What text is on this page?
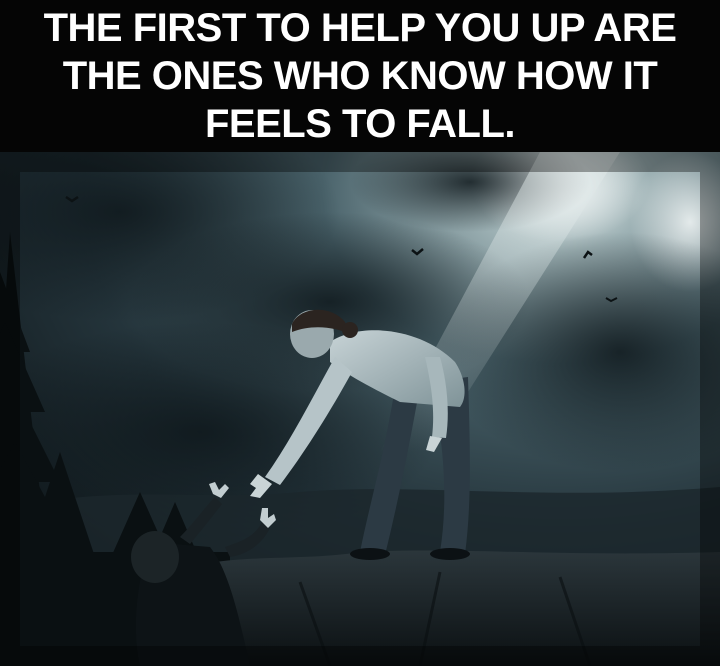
THE FIRST TO HELP YOU UP ARE
THE ONES WHO KNOW HOW IT
FEELS TO FALL.
